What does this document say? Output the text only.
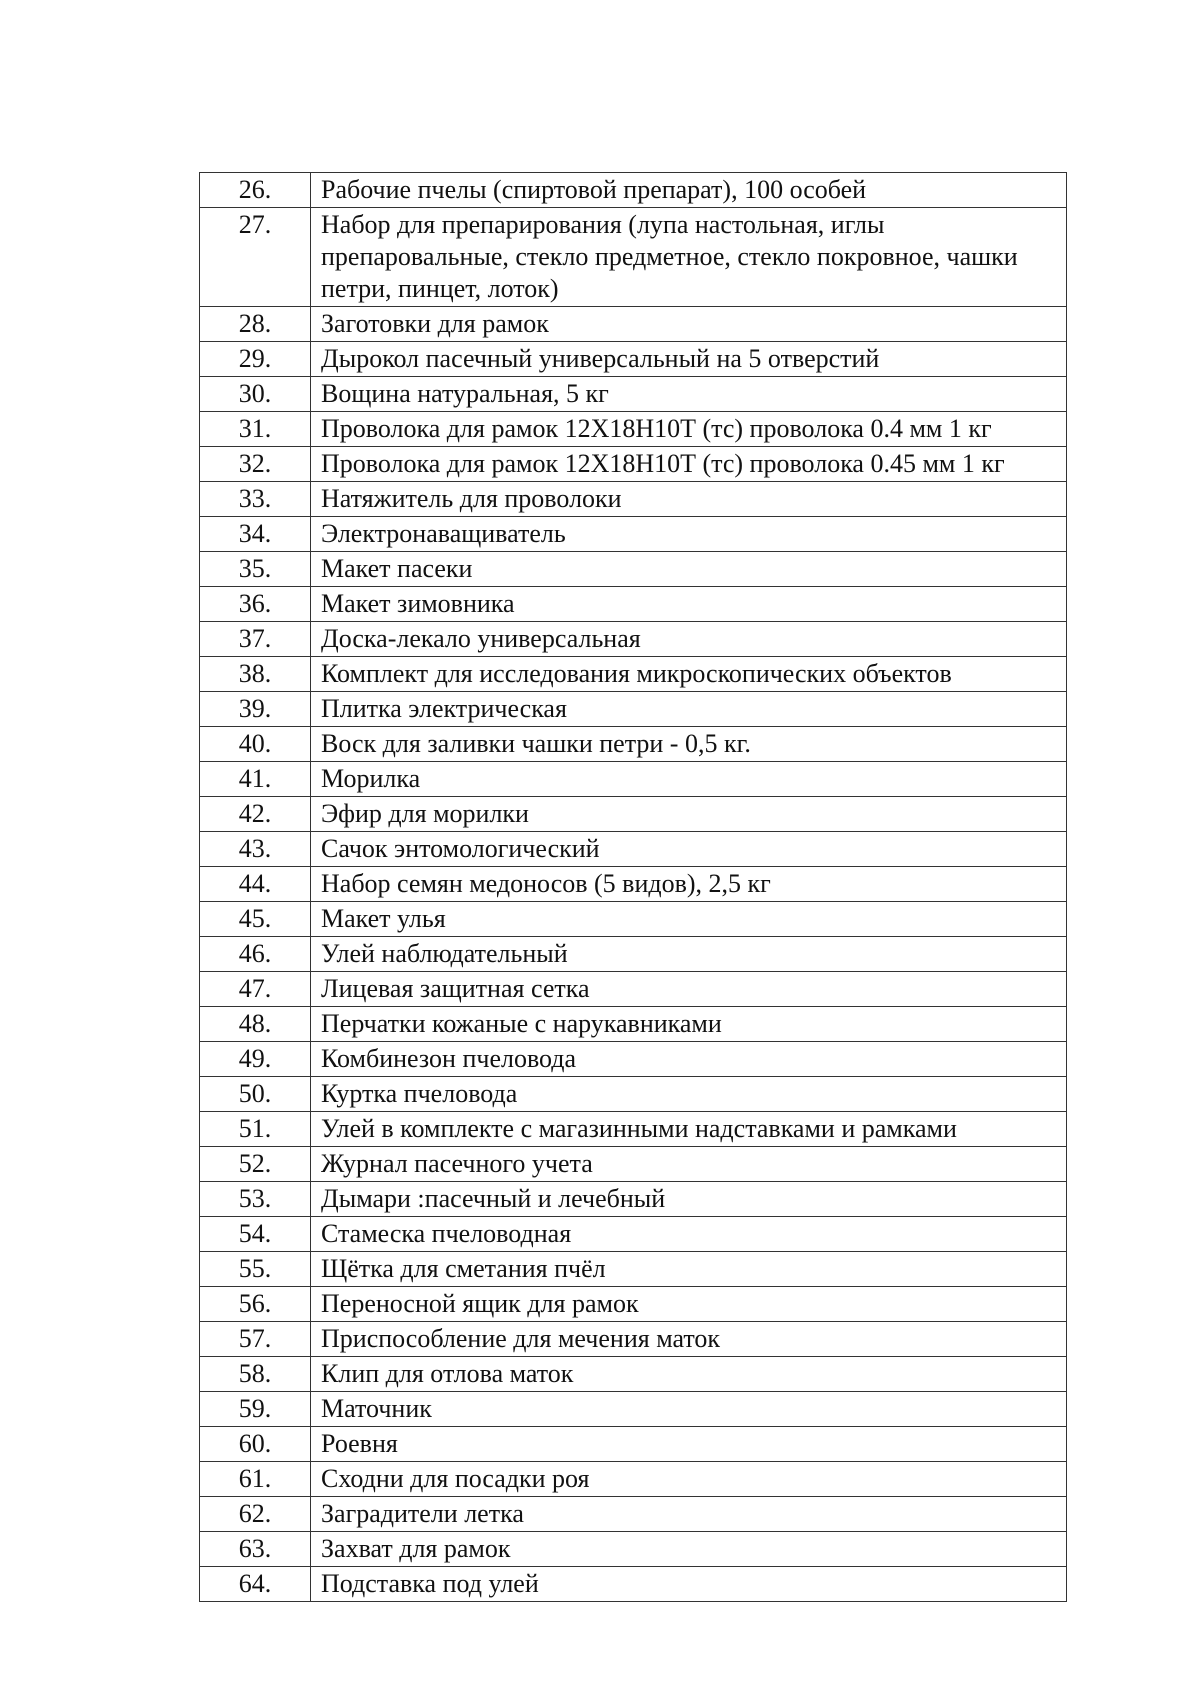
26.	Рабочие пчелы (спиртовой препарат), 100 особей
27.	Набор для препарирования (лупа настольная, иглы препаровальные, стекло предметное, стекло покровное, чашки петри, пинцет, лоток)
28.	Заготовки для рамок
29.	Дырокол пасечный универсальный на 5 отверстий
30.	Вощина натуральная, 5 кг
31.	Проволока для рамок 12Х18Н10Т (тс) проволока 0.4 мм 1 кг
32.	Проволока для рамок 12Х18Н10Т (тс) проволока 0.45 мм 1 кг
33.	Натяжитель для проволоки
34.	Электронаващиватель
35.	Макет пасеки
36.	Макет зимовника
37.	Доска-лекало универсальная
38.	Комплект для исследования микроскопических объектов
39.	Плитка электрическая
40.	Воск для заливки чашки петри - 0,5 кг.
41.	Морилка
42.	Эфир для морилки
43.	Сачок энтомологический
44.	Набор семян медоносов (5 видов), 2,5 кг
45.	Макет улья
46.	Улей наблюдательный
47.	Лицевая защитная сетка
48.	Перчатки кожаные с нарукавниками
49.	Комбинезон пчеловода
50.	Куртка пчеловода
51.	Улей в комплекте с магазинными надставками и рамками
52.	Журнал пасечного учета
53.	Дымари :пасечный и лечебный
54.	Стамеска пчеловодная
55.	Щётка для сметания пчёл
56.	Переносной ящик для рамок
57.	Приспособление для мечения маток
58.	Клип для отлова маток
59.	Маточник
60.	Роевня
61.	Сходни для посадки роя
62.	Заградители летка
63.	Захват для рамок
64.	Подставка под улей
